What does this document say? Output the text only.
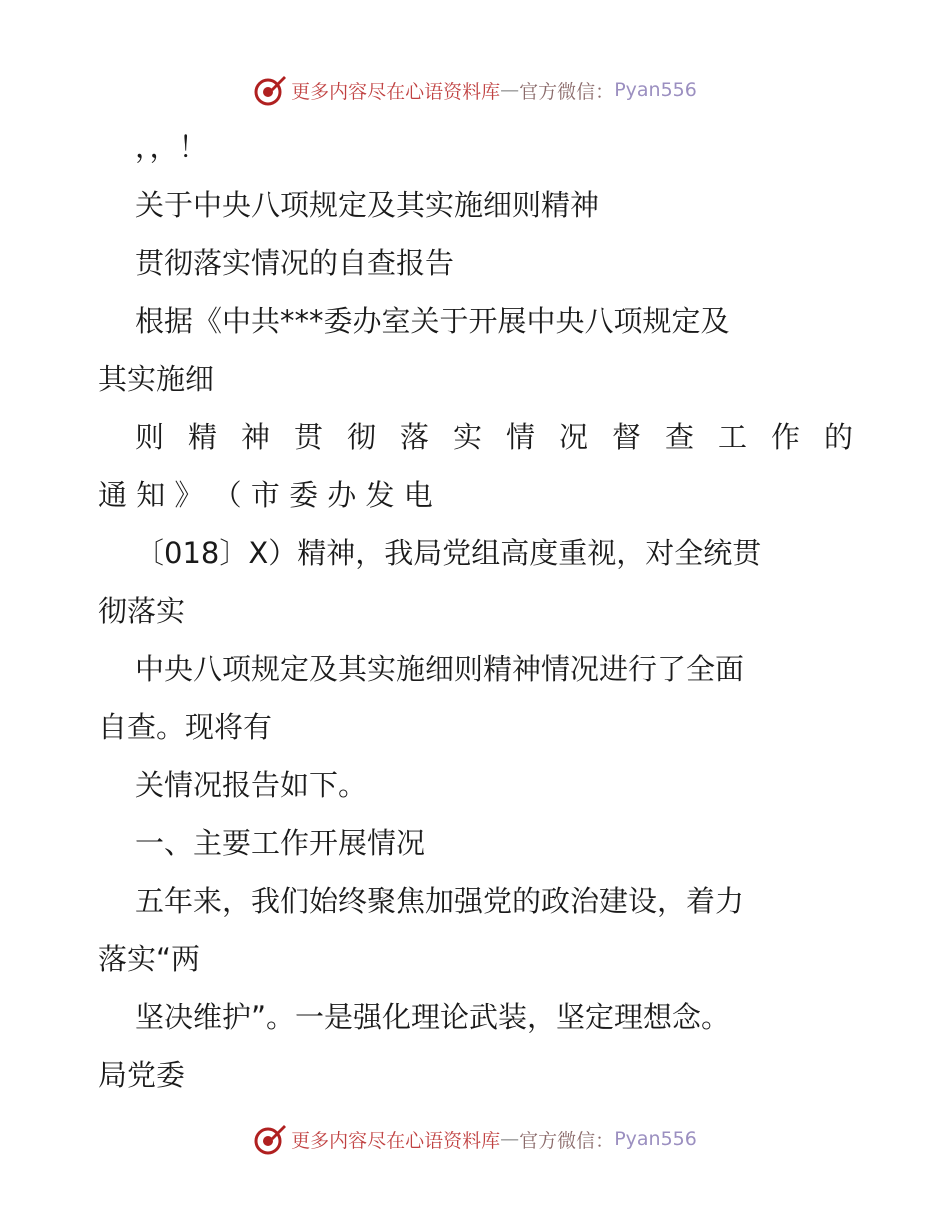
更多内容尽在心语资料库 — 官方微信： Pyan556
，，！
关于中央八项规定及其实施细则精神
贯彻落实情况的自查报告
根据《中共***委办室关于开展中央八项规定及
其实施细
则 精 神 贯 彻 落 实 情 况 督 查 工 作 的
通 知 》 （ 市 委 办 发 电
〔018〕X）精神，我局党组高度重视，对全统贯
彻落实
中央八项规定及其实施细则精神情况进行了全面
自查。现将有
关情况报告如下。
一、主要工作开展情况
五年来，我们始终聚焦加强党的政治建设，着力
落实“两
坚决维护”。一是强化理论武装，坚定理想念。
局党委
更多内容尽在心语资料库 — 官方微信： Pyan556
